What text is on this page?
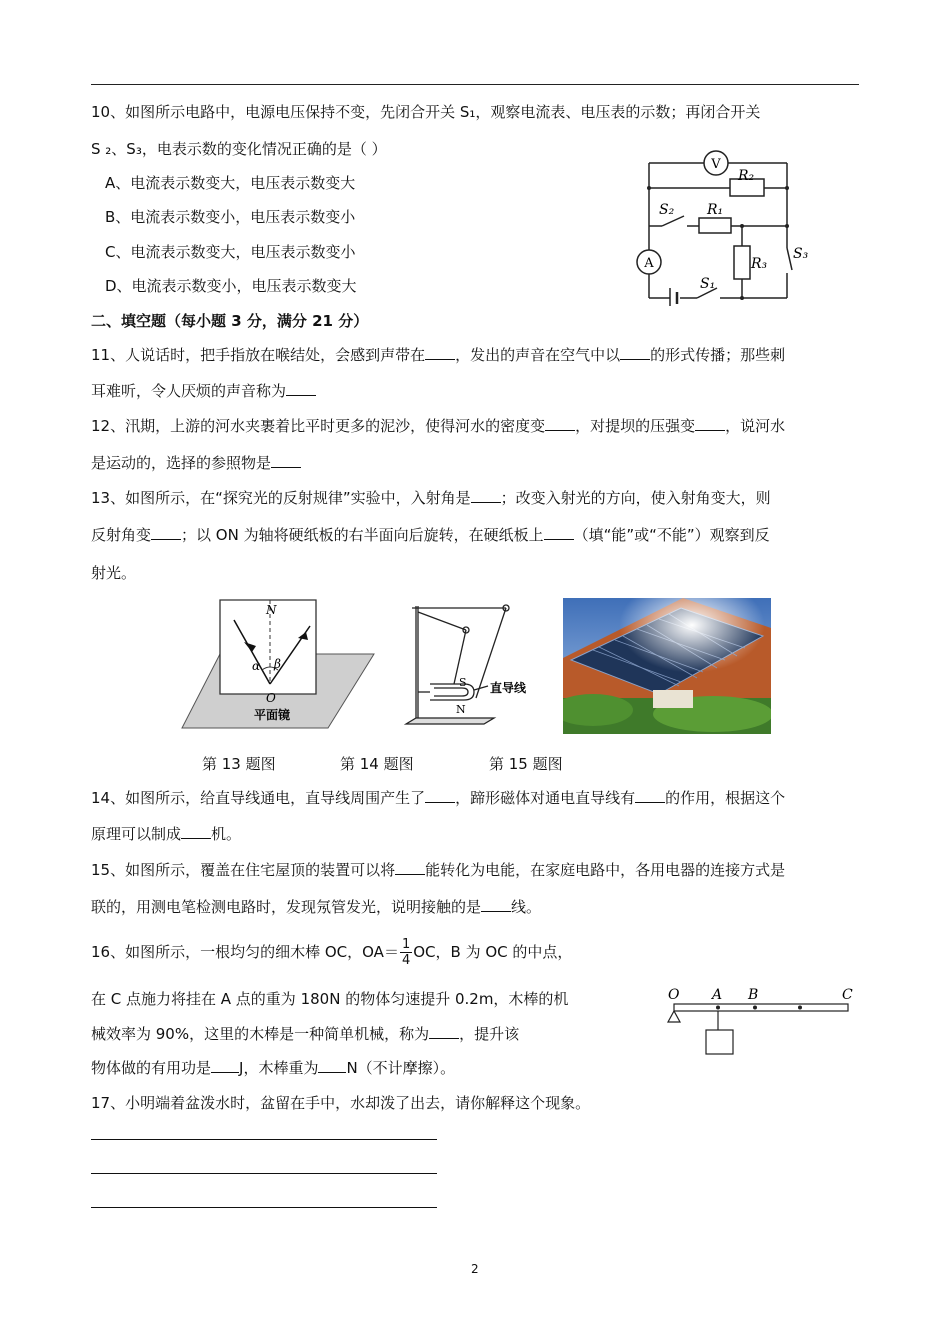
10、如图所示电路中，电源电压保持不变，先闭合开关 S₁，观察电流表、电压表的示数；再闭合开关
S ₂、S₃，电表示数的变化情况正确的是（ ）
A、电流表示数变大，电压表示数变大
B、电流表示数变小，电压表示数变小
C、电流表示数变大，电压表示数变小
D、电流表示数变小，电压表示数变大
V
A
R₂
R₁
R₃
S₂
S₁
S₃
二、填空题（每小题 3 分，满分 21 分）
11、人说话时，把手指放在喉结处，会感到声带在 ，发出的声音在空气中以 的形式传播；那些刺
耳难听，令人厌烦的声音称为
12、汛期，上游的河水夹裹着比平时更多的泥沙，使得河水的密度变 ，对提坝的压强变 ，说河水
是运动的，选择的参照物是
13、如图所示，在“探究光的反射规律”实验中，入射角是 ；改变入射光的方向，使入射角变大，则
反射角变 ；以 ON 为轴将硬纸板的右半面向后旋转，在硬纸板上 （填“能”或“不能”）观察到反
射光。
N
α β
O
平面镜
S
N
直导线
第 13 题图	第 14 题图	第 15 题图
14、如图所示，给直导线通电，直导线周围产生了 ，蹄形磁体对通电直导线有 的作用，根据这个
原理可以制成 机。
15、如图所示，覆盖在住宅屋顶的装置可以将 能转化为电能，在家庭电路中，各用电器的连接方式是
联的，用测电笔检测电路时，发现氖管发光，说明接触的是 线。
16、如图所示，一根均匀的细木棒 OC，$OA= \frac{1}{4}$ OC，B 为 OC 的中点，
在 C 点施力将挂在 A 点的重为 180N 的物体匀速提升 0.2m，木棒的机
械效率为 90%，这里的木棒是一种简单机械，称为 ，提升该
物体做的有用功是 J，木棒重为 N（不计摩擦）。
O A B	C
17、小明端着盆泼水时，盆留在手中，水却泼了出去，请你解释这个现象。
2
